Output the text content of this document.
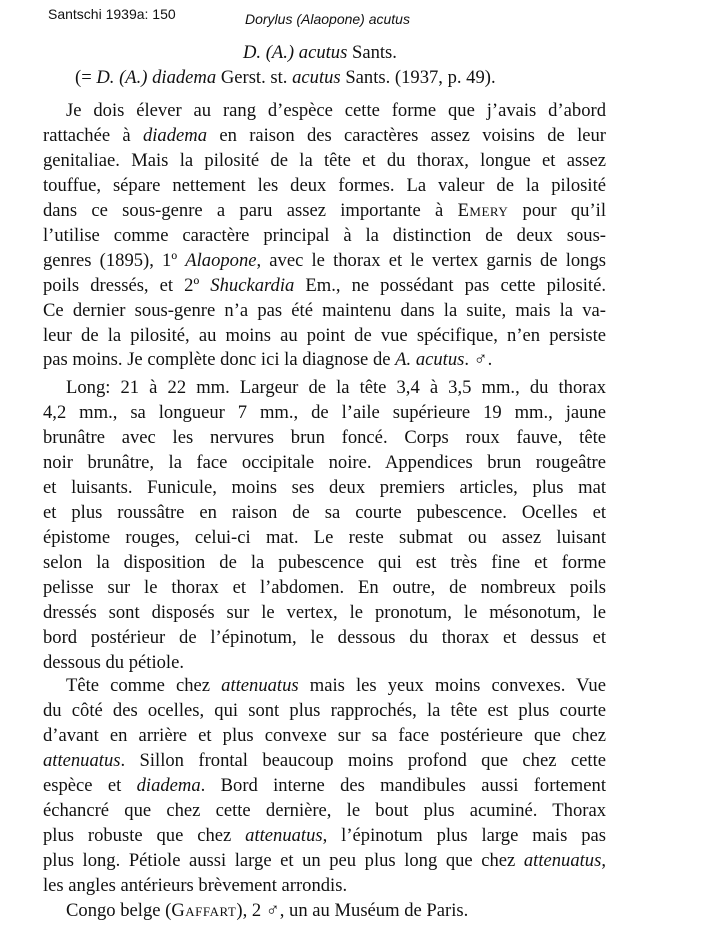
Santschi 1939a: 150	Dorylus (Alaopone) acutus
D. (A.) acutus Sants.
(= D. (A.) diadema Gerst. st. acutus Sants. (1937, p. 49).
Je dois élever au rang d’espèce cette forme que j’avais d’abord
rattachée à diadema en raison des caractères assez voisins de leur
genitaliae. Mais la pilosité de la tête et du thorax, longue et assez
touffue, sépare nettement les deux formes. La valeur de la pilosité
dans ce sous-genre a paru assez importante à Emery pour qu’il
l’utilise comme caractère principal à la distinction de deux sous-
genres (1895), 1º Alaopone, avec le thorax et le vertex garnis de longs
poils dressés, et 2º Shuckardia Em., ne possédant pas cette pilosité.
Ce dernier sous-genre n’a pas été maintenu dans la suite, mais la va-
leur de la pilosité, au moins au point de vue spécifique, n’en persiste
pas moins. Je complète donc ici la diagnose de A. acutus. ♂.
Long: 21 à 22 mm. Largeur de la tête 3,4 à 3,5 mm., du thorax
4,2 mm., sa longueur 7 mm., de l’aile supérieure 19 mm., jaune
brunâtre avec les nervures brun foncé. Corps roux fauve, tête
noir brunâtre, la face occipitale noire. Appendices brun rougeâtre
et luisants. Funicule, moins ses deux premiers articles, plus mat
et plus roussâtre en raison de sa courte pubescence. Ocelles et
épistome rouges, celui-ci mat. Le reste submat ou assez luisant
selon la disposition de la pubescence qui est très fine et forme
pelisse sur le thorax et l’abdomen. En outre, de nombreux poils
dressés sont disposés sur le vertex, le pronotum, le mésonotum, le
bord postérieur de l’épinotum, le dessous du thorax et dessus et
dessous du pétiole.
Tête comme chez attenuatus mais les yeux moins convexes. Vue
du côté des ocelles, qui sont plus rapprochés, la tête est plus courte
d’avant en arrière et plus convexe sur sa face postérieure que chez
attenuatus. Sillon frontal beaucoup moins profond que chez cette
espèce et diadema. Bord interne des mandibules aussi fortement
échancré que chez cette dernière, le bout plus acuminé. Thorax
plus robuste que chez attenuatus, l’épinotum plus large mais pas
plus long. Pétiole aussi large et un peu plus long que chez attenuatus,
les angles antérieurs brèvement arrondis.
Congo belge (Gaffart), 2 ♂, un au Muséum de Paris.
